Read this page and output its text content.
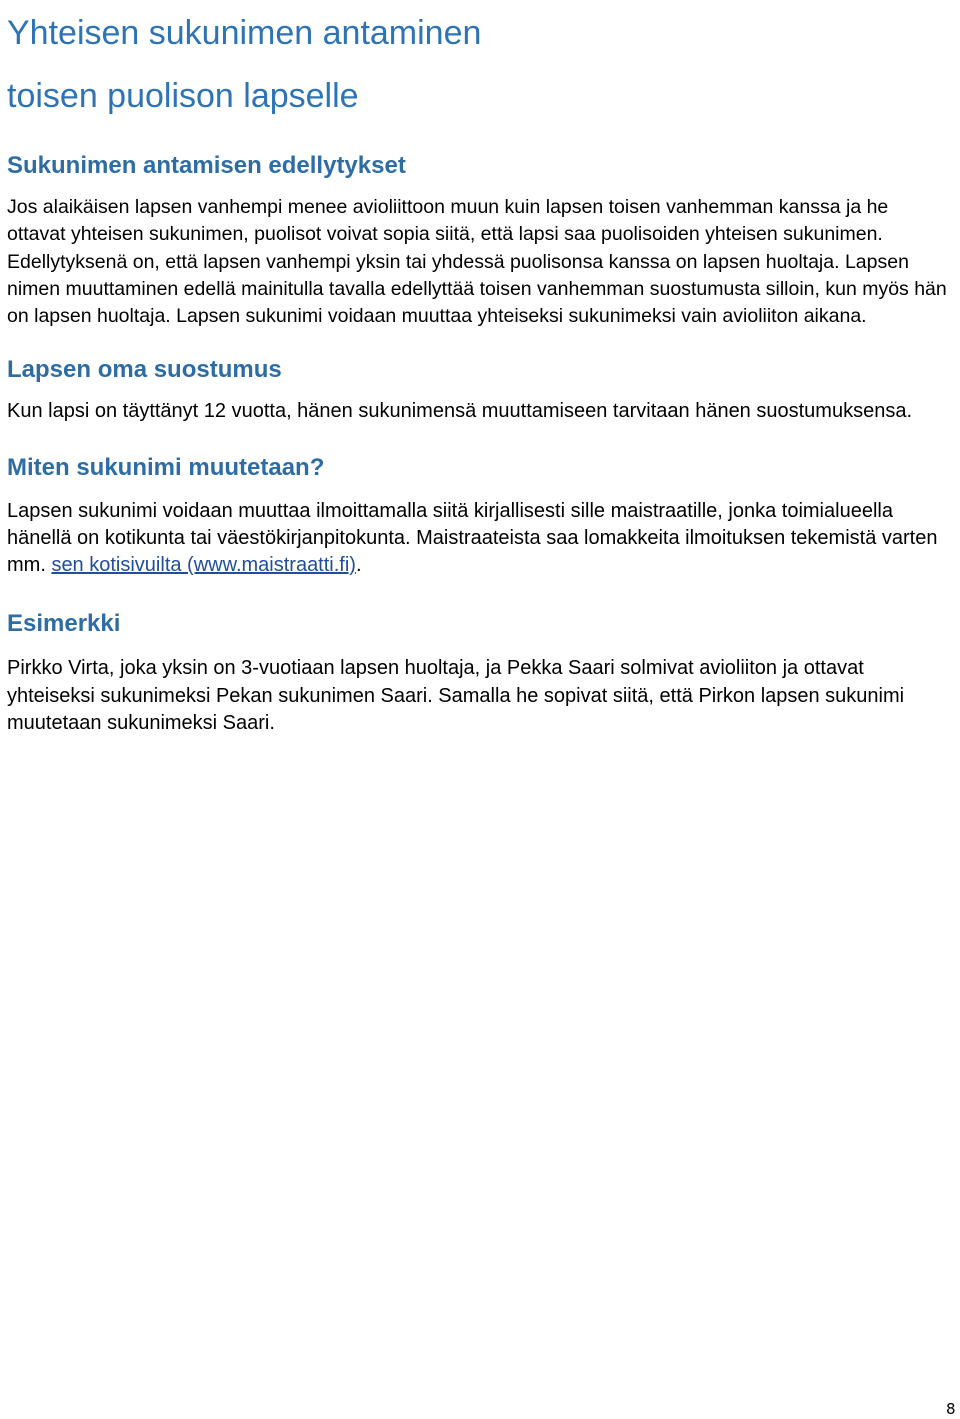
Yhteisen sukunimen antaminen
toisen puolison lapselle
Sukunimen antamisen edellytykset

Jos alaikäisen lapsen vanhempi menee avioliittoon muun kuin lapsen toisen vanhemman kanssa ja he ottavat yhteisen sukunimen, puolisot voivat sopia siitä, että lapsi saa puolisoiden yhteisen sukunimen. Edellytyksenä on, että lapsen vanhempi yksin tai yhdessä puolisonsa kanssa on lapsen huoltaja. Lapsen nimen muuttaminen edellä mainitulla tavalla edellyttää toisen vanhemman suostumusta silloin, kun myös hän on lapsen huoltaja. Lapsen sukunimi voidaan muuttaa yhteiseksi sukunimeksi vain avioliiton aikana.

Lapsen oma suostumus

Kun lapsi on täyttänyt 12 vuotta, hänen sukunimensä muuttamiseen tarvitaan hänen suostumuksensa.

Miten sukunimi muutetaan?

Lapsen sukunimi voidaan muuttaa ilmoittamalla siitä kirjallisesti sille maistraatille, jonka toimialueella hänellä on kotikunta tai väestökirjanpitokunta. Maistraateista saa lomakkeita ilmoituksen tekemistä varten mm. sen kotisivuilta (www.maistraatti.fi).

Esimerkki

Pirkko Virta, joka yksin on 3-vuotiaan lapsen huoltaja, ja Pekka Saari solmivat avioliiton ja ottavat yhteiseksi sukunimeksi Pekan sukunimen Saari. Samalla he sopivat siitä, että Pirkon lapsen sukunimi muutetaan sukunimeksi Saari.

8
